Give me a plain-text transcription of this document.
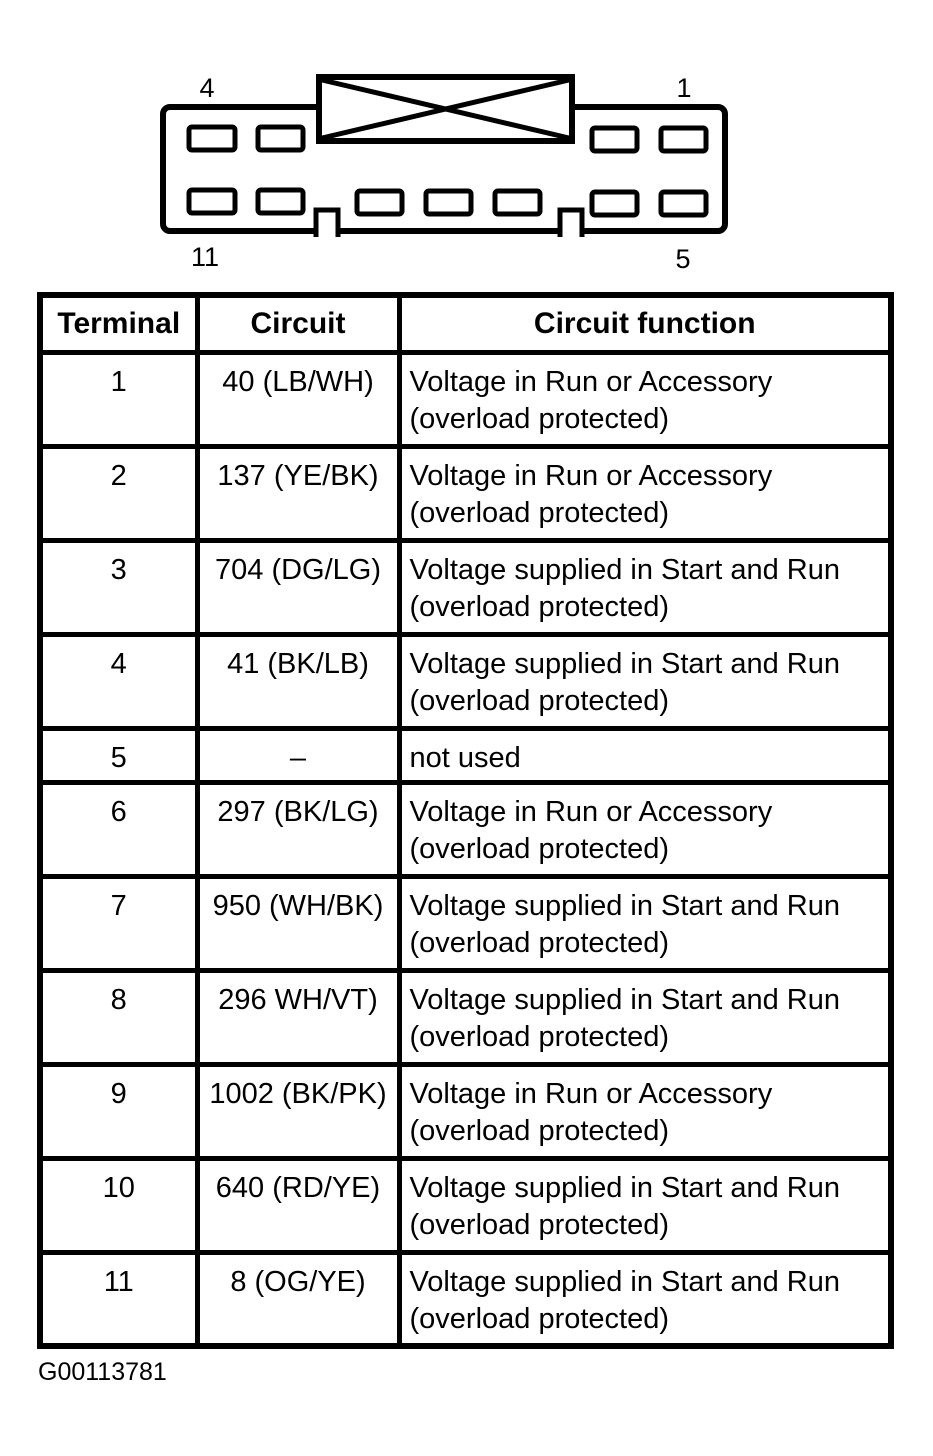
4	1
11	5
Terminal	Circuit	Circuit function
1	40 (LB/WH)	Voltage in Run or Accessory
(overload protected)

2	137 (YE/BK)	Voltage in Run or Accessory
(overload protected)

3	704 (DG/LG)	Voltage supplied in Start and Run
(overload protected)

4	41 (BK/LB)	Voltage supplied in Start and Run
(overload protected)

5	–	not used

6	297 (BK/LG)	Voltage in Run or Accessory
(overload protected)

7	950 (WH/BK)	Voltage supplied in Start and Run
(overload protected)

8	296 WH/VT)	Voltage supplied in Start and Run
(overload protected)

9	1002 (BK/PK)	Voltage in Run or Accessory
(overload protected)

10	640 (RD/YE)	Voltage supplied in Start and Run
(overload protected)

11	8 (OG/YE)	Voltage supplied in Start and Run
(overload protected)
G00113781
